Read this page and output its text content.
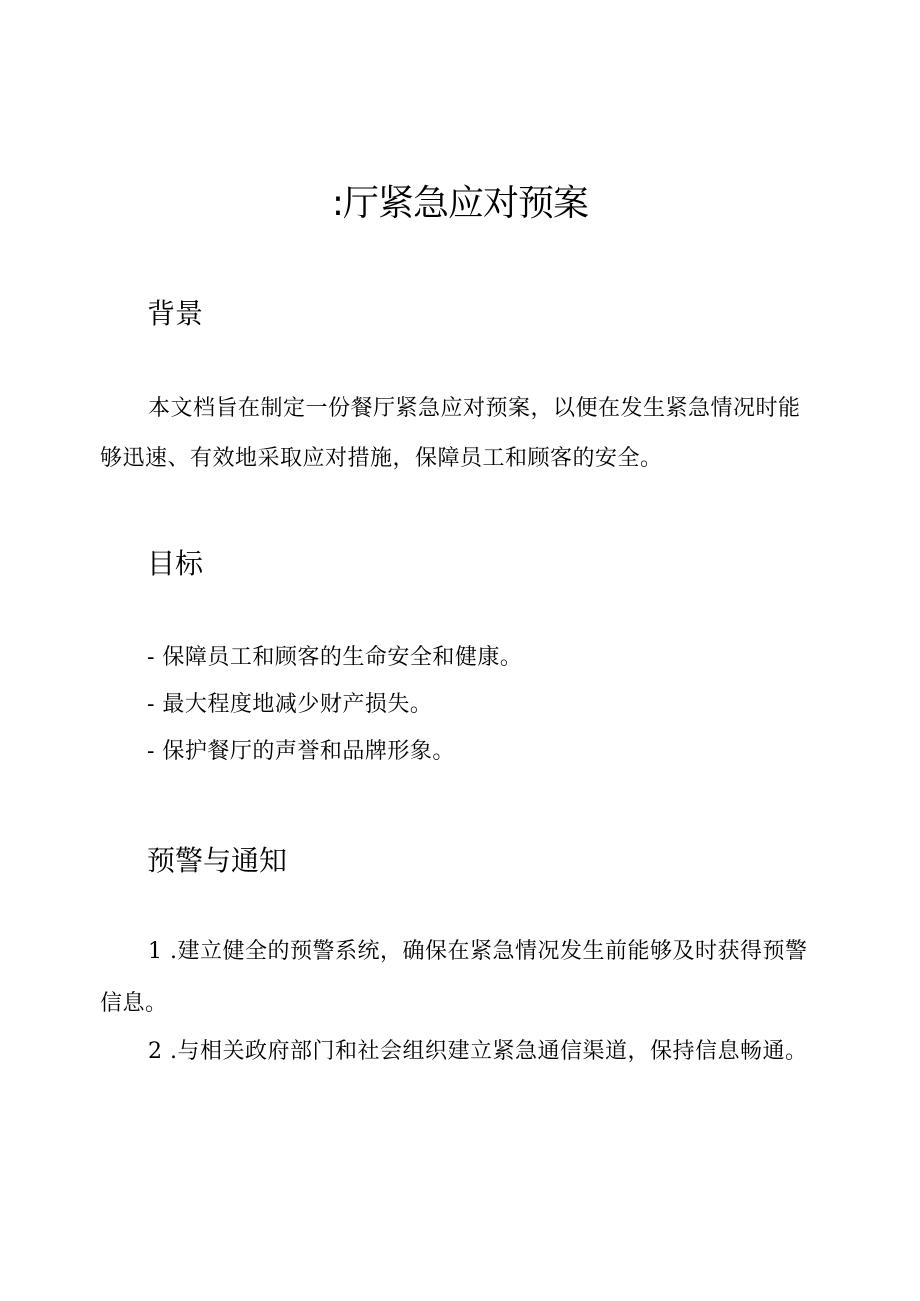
:厅紧急应对预案
背景
本文档旨在制定一份餐厅紧急应对预案，以便在发生紧急情况时能够迅速、有效地采取应对措施，保障员工和顾客的安全。
目标
- 保障员工和顾客的生命安全和健康。
- 最大程度地减少财产损失。
- 保护餐厅的声誉和品牌形象。
预警与通知
1 .建立健全的预警系统，确保在紧急情况发生前能够及时获得预警信息。
2 .与相关政府部门和社会组织建立紧急通信渠道，保持信息畅通。
